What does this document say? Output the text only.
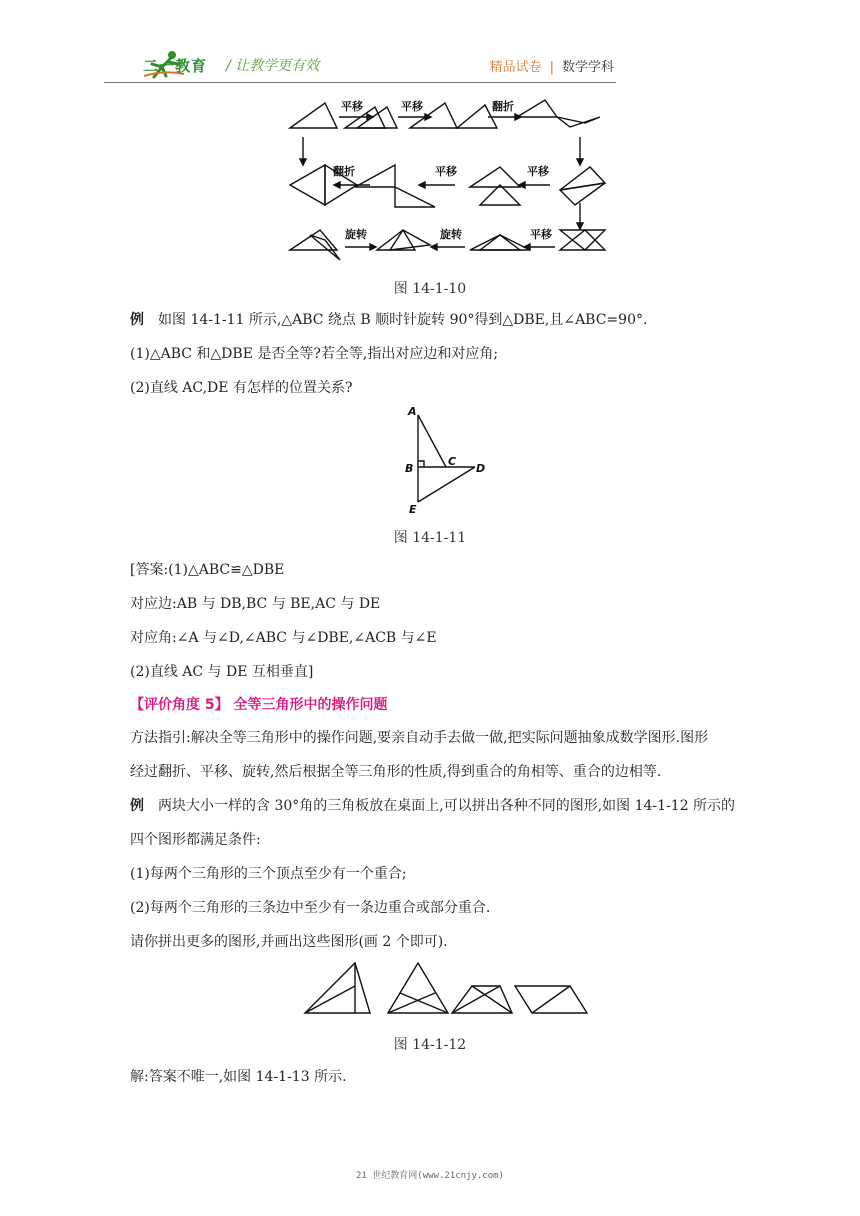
二一教育 / 让教学更有效	精品试卷 | 数学学科
平移	平移	翻折
平移	平移
翻折
旋转	旋转	平移
图 14-1-10

例　如图 14-1-11 所示,△ABC 绕点 B 顺时针旋转 90°得到△DBE,且∠ABC=90°.

(1)△ABC 和△DBE 是否全等?若全等,指出对应边和对应角;

(2)直线 AC,DE 有怎样的位置关系?

A
B
C
D
E
图 14-1-11

[答案:(1)△ABC≌△DBE

对应边:AB 与 DB,BC 与 BE,AC 与 DE

对应角:∠A 与∠D,∠ABC 与∠DBE,∠ACB 与∠E

(2)直线 AC 与 DE 互相垂直]

【评价角度 5】 全等三角形中的操作问题

方法指引:解决全等三角形中的操作问题,要亲自动手去做一做,把实际问题抽象成数学图形.图形

经过翻折、平移、旋转,然后根据全等三角形的性质,得到重合的角相等、重合的边相等.

例　两块大小一样的含 30°角的三角板放在桌面上,可以拼出各种不同的图形,如图 14-1-12 所示的

四个图形都满足条件:

(1)每两个三角形的三个顶点至少有一个重合;

(2)每两个三角形的三条边中至少有一条边重合或部分重合.

请你拼出更多的图形,并画出这些图形(画 2 个即可).

图 14-1-12

解:答案不唯一,如图 14-1-13 所示.

21 世纪教育网(www.21cnjy.com)
